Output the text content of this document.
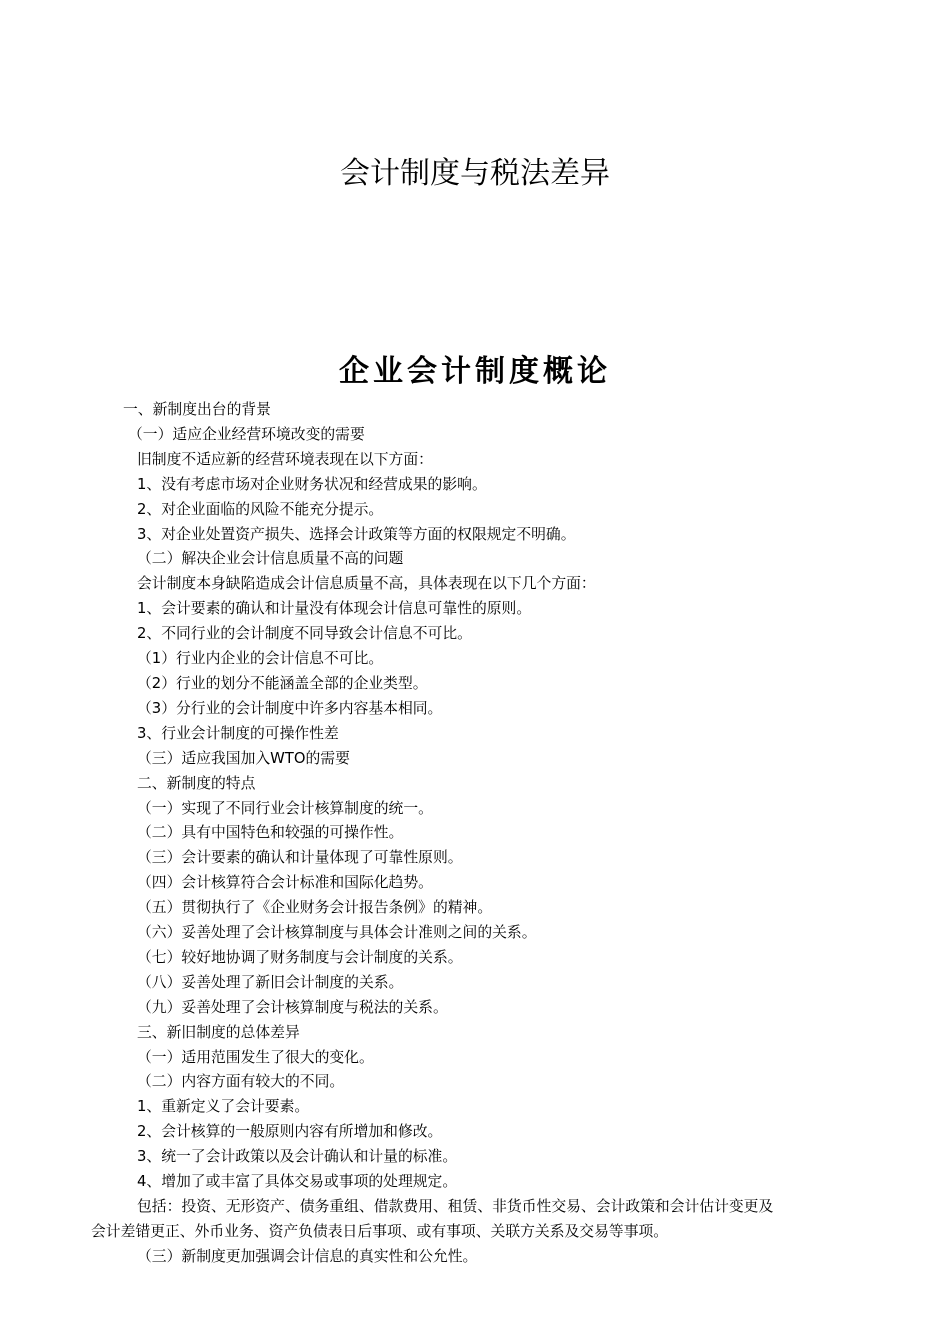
会计制度与税法差异
企业会计制度概论
一、新制度出台的背景
（一）适应企业经营环境改变的需要
旧制度不适应新的经营环境表现在以下方面：
1、没有考虑市场对企业财务状况和经营成果的影响。
2、对企业面临的风险不能充分提示。
3、对企业处置资产损失、选择会计政策等方面的权限规定不明确。
（二）解决企业会计信息质量不高的问题
会计制度本身缺陷造成会计信息质量不高，具体表现在以下几个方面：
1、会计要素的确认和计量没有体现会计信息可靠性的原则。
2、不同行业的会计制度不同导致会计信息不可比。
（1）行业内企业的会计信息不可比。
（2）行业的划分不能涵盖全部的企业类型。
（3）分行业的会计制度中许多内容基本相同。
3、行业会计制度的可操作性差
（三）适应我国加入WTO的需要
二、新制度的特点
（一）实现了不同行业会计核算制度的统一。
（二）具有中国特色和较强的可操作性。
（三）会计要素的确认和计量体现了可靠性原则。
（四）会计核算符合会计标准和国际化趋势。
（五）贯彻执行了《企业财务会计报告条例》的精神。
（六）妥善处理了会计核算制度与具体会计准则之间的关系。
（七）较好地协调了财务制度与会计制度的关系。
（八）妥善处理了新旧会计制度的关系。
（九）妥善处理了会计核算制度与税法的关系。
三、新旧制度的总体差异
（一）适用范围发生了很大的变化。
（二）内容方面有较大的不同。
1、重新定义了会计要素。
2、会计核算的一般原则内容有所增加和修改。
3、统一了会计政策以及会计确认和计量的标准。
4、增加了或丰富了具体交易或事项的处理规定。
包括：投资、无形资产、债务重组、借款费用、租赁、非货币性交易、会计政策和会计估计变更及
会计差错更正、外币业务、资产负债表日后事项、或有事项、关联方关系及交易等事项。
（三）新制度更加强调会计信息的真实性和公允性。
